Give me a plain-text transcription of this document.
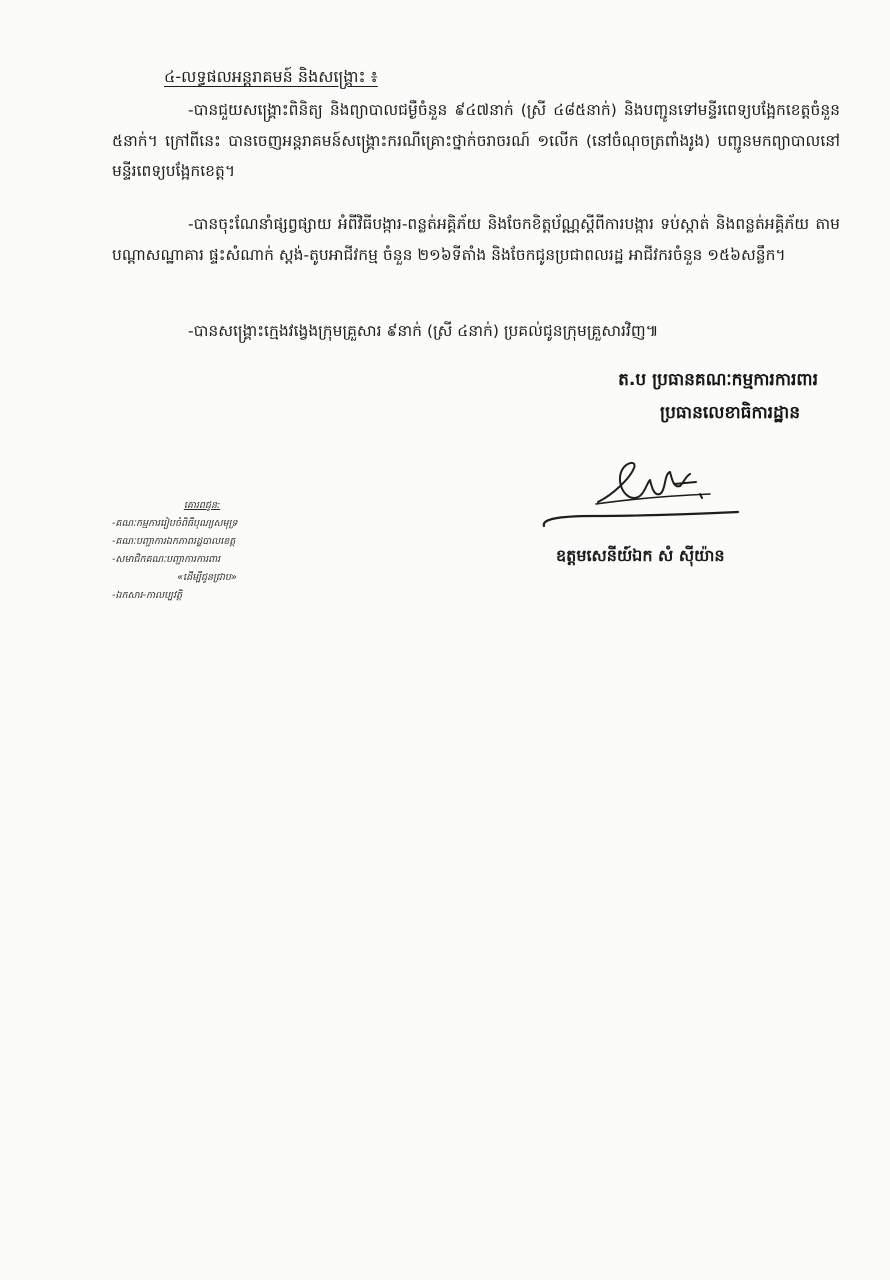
៤-លទ្ធផលអន្តរាគមន៍ និងសង្គ្រោះ ៖

-បានជួយសង្គ្រោះពិនិត្យ និងព្យាបាលជម្ងឺចំនួន ៩៤៧នាក់ (ស្រី ៤៨៥នាក់) និងបញ្ជូនទៅមន្ទីរពេទ្យបង្អែកខេត្តចំនួន ៥នាក់។ ក្រៅពីនេះ បានចេញអន្តរាគមន៍សង្គ្រោះករណីគ្រោះថ្នាក់ចរាចរណ៍ ១លើក (នៅចំណុចត្រពាំងរូង) បញ្ជូនមកព្យាបាលនៅមន្ទីរពេទ្យបង្អែកខេត្ត។

-បានចុះណែនាំផ្សព្វផ្សាយ អំពីវិធីបង្ការ-ពន្លត់អគ្គិភ័យ និងចែកខិត្តប័ណ្ណស្តីពីការបង្ការ ទប់ស្កាត់ និងពន្លត់អគ្គិភ័យ តាមបណ្តាសណ្ឋាគារ ផ្ទះសំណាក់ ស្តង់-តូបអាជីវកម្ម ចំនួន ២១៦ទីតាំង និងចែកជូនប្រជាពលរដ្ឋ អាជីវករចំនួន ១៥៦សន្លឹក។

-បានសង្គ្រោះក្មេងវង្វេងក្រុមគ្រួសារ ៩នាក់ (ស្រី ៤នាក់) ប្រគល់ជូនក្រុមគ្រួសារវិញ៕

ត.ប ប្រធានគណៈកម្មការការពារ
ប្រធានលេខាធិការដ្ឋាន
ឧត្តមសេនីយ៍ឯក សំ ស៊ីយ៉ាន
គោរពជូន:
-គណៈកម្មការរៀបចំពិធីបុណ្យសមុទ្រ
-គណៈបញ្ជាការឯកភាពរដ្ឋបាលខេត្ត
-សមាជិកគណៈបញ្ជាការការពារ
«ដើម្បីជូនជ្រាប»
-ឯកសារ-កាលប្បវត្តិ
